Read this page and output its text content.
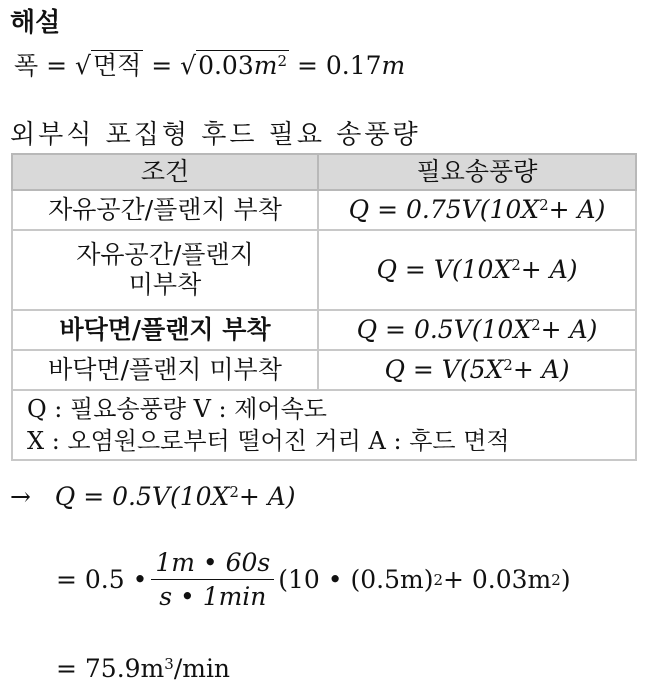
해설
폭 = √면적 = $√0.03m^2 = 0.17m$
외부식 포집형 후드 필요 송풍량
조건	필요송풍량
자유공간/플랜지 부착	$Q = 0.75V(10X^2+ A)$

자유공간/플랜지
미부착	$Q = V(10X^2+ A)$
바닥면/플랜지 부착	$Q = 0.5V(10X^2+ A)$
바닥면/플랜지 미부착	$Q = V(5X^2+ A)$

Q : 필요송풍량 V : 제어속도
X : 오염원으로부터 떨어진 거리 A : 후드 면적	
→ $Q = 0.5V(10X^2+ A)$
= 0.5 • $\frac{1m • 60s}{s • 1\min} (10$ • (0.5m) 2 + 0.03m 2 )
= $75.9m^3/\min$
